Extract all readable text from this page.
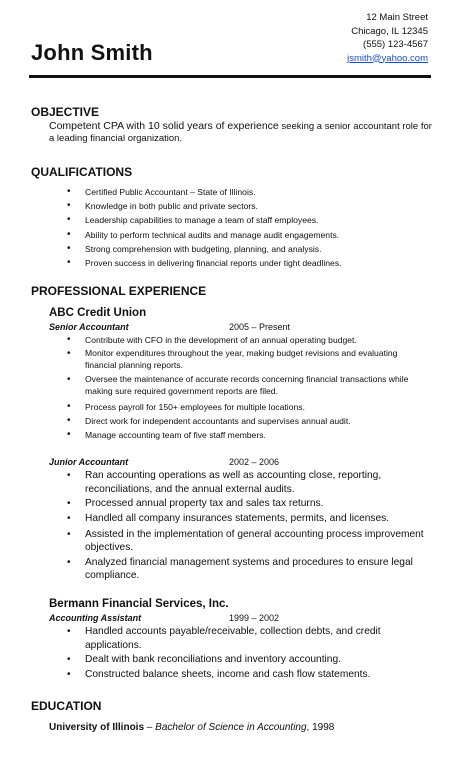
12 Main Street
Chicago, IL 12345
(555) 123-4567
jsmith@yahoo.com
John Smith
OBJECTIVE

Competent CPA with 10 solid years of experience seeking a senior accountant role for a leading financial organization.

QUALIFICATIONS
• Certified Public Accountant – State of Illinois.
• Knowledge in both public and private sectors.
• Leadership capabilities to manage a team of staff employees.
• Ability to perform technical audits and manage audit engagements.
• Strong comprehension with budgeting, planning, and analysis.
• Proven success in delivering financial reports under tight deadlines.
PROFESSIONAL EXPERIENCE
ABC Credit Union
Senior Accountant	2005 – Present
• Contribute with CFO in the development of an annual operating budget.
• Monitor expenditures throughout the year, making budget revisions and evaluating financial planning reports.
• Oversee the maintenance of accurate records concerning financial transactions while making sure required government reports are filed.
• Process payroll for 150+ employees for multiple locations.
• Direct work for independent accountants and supervises annual audit.
• Manage accounting team of five staff members.
Junior Accountant	2002 – 2006
• Ran accounting operations as well as accounting close, reporting, reconciliations, and the annual external audits.
• Processed annual property tax and sales tax returns.
• Handled all company insurances statements, permits, and licenses.
• Assisted in the implementation of general accounting process improvement objectives.
• Analyzed financial management systems and procedures to ensure legal compliance.
Bermann Financial Services, Inc.
Accounting Assistant	1999 – 2002
• Handled accounts payable/receivable, collection debts, and credit applications.
• Dealt with bank reconciliations and inventory accounting.
• Constructed balance sheets, income and cash flow statements.
EDUCATION

University of Illinois – Bachelor of Science in Accounting, 1998
